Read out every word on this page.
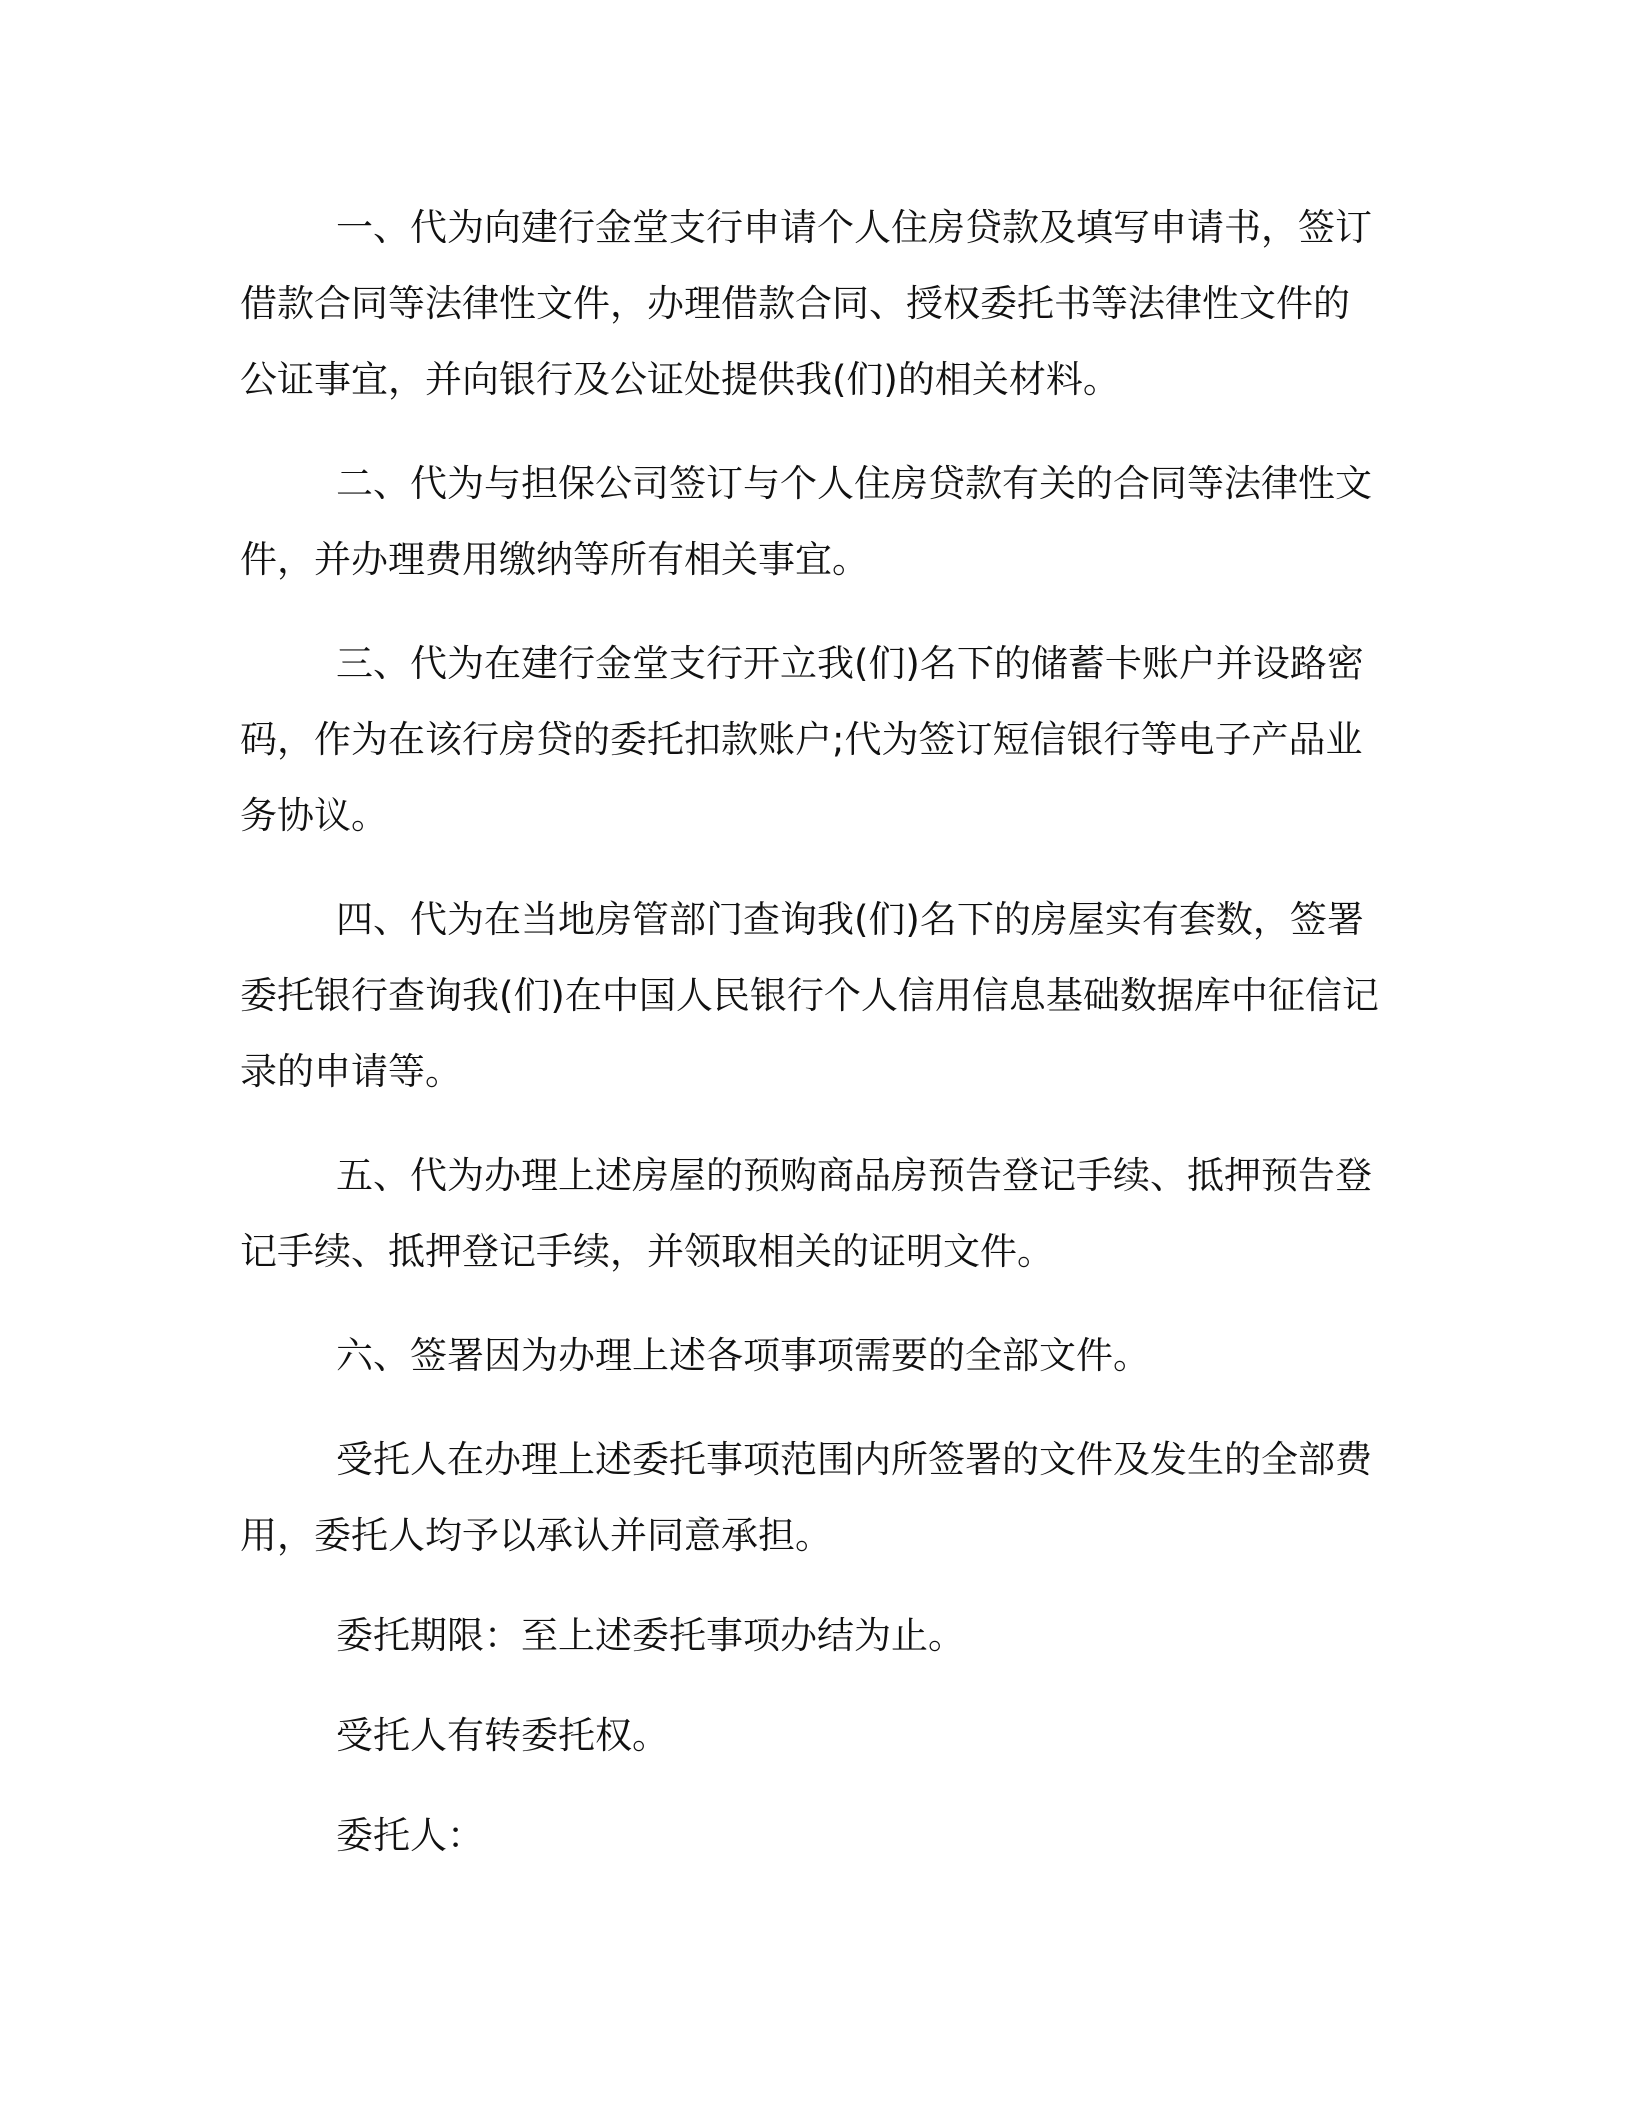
一、代为向建行金堂支行申请个人住房贷款及填写申请书，签订借款合同等法律性文件，办理借款合同、授权委托书等法律性文件的公证事宜，并向银行及公证处提供我(们)的相关材料。

二、代为与担保公司签订与个人住房贷款有关的合同等法律性文件，并办理费用缴纳等所有相关事宜。

三、代为在建行金堂支行开立我(们)名下的储蓄卡账户并设路密码，作为在该行房贷的委托扣款账户;代为签订短信银行等电子产品业务协议。

四、代为在当地房管部门查询我(们)名下的房屋实有套数，签署委托银行查询我(们)在中国人民银行个人信用信息基础数据库中征信记录的申请等。

五、代为办理上述房屋的预购商品房预告登记手续、抵押预告登记手续、抵押登记手续，并领取相关的证明文件。

六、签署因为办理上述各项事项需要的全部文件。

受托人在办理上述委托事项范围内所签署的文件及发生的全部费用，委托人均予以承认并同意承担。

委托期限：至上述委托事项办结为止。

受托人有转委托权。

委托人：
